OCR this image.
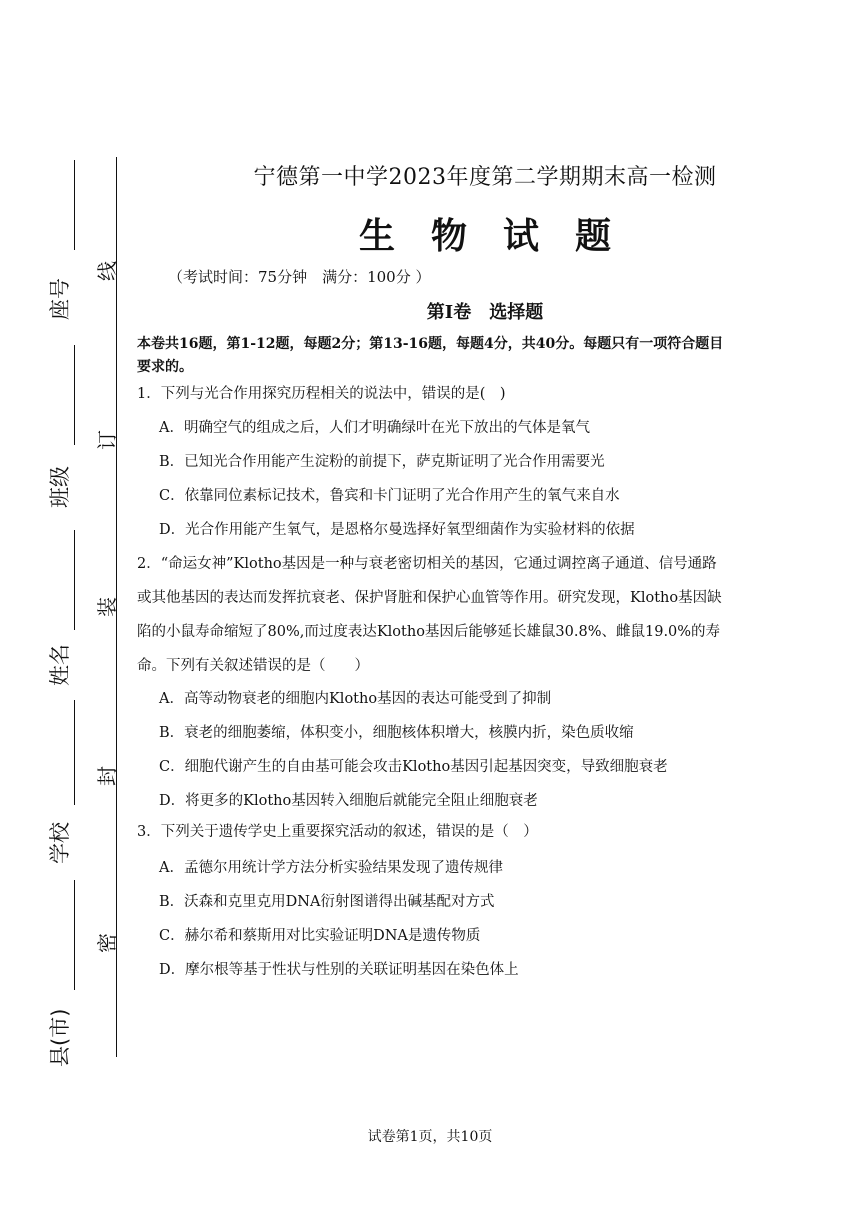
座号
班级
姓名
学校
县(市)
线
订
装
封
密
宁德第一中学2023年度第二学期期末高一检测
生物试题
（考试时间：75分钟　满分：100分 ）
第Ⅰ卷　选择题
本卷共16题，第1-12题，每题2分；第13-16题，每题4分，共40分。每题只有一项符合题目要求的。
1．下列与光合作用探究历程相关的说法中，错误的是(　)
A．明确空气的组成之后，人们才明确绿叶在光下放出的气体是氧气
B．已知光合作用能产生淀粉的前提下，萨克斯证明了光合作用需要光
C．依靠同位素标记技术，鲁宾和卡门证明了光合作用产生的氧气来自水
D．光合作用能产生氧气，是恩格尔曼选择好氧型细菌作为实验材料的依据
2．“命运女神”Klotho基因是一种与衰老密切相关的基因，它通过调控离子通道、信号通路或其他基因的表达而发挥抗衰老、保护肾脏和保护心血管等作用。研究发现，Klotho基因缺陷的小鼠寿命缩短了80%,而过度表达Klotho基因后能够延长雄鼠30.8%、雌鼠19.0%的寿命。下列有关叙述错误的是（　　）
A．高等动物衰老的细胞内Klotho基因的表达可能受到了抑制
B．衰老的细胞萎缩，体积变小，细胞核体积增大，核膜内折，染色质收缩
C．细胞代谢产生的自由基可能会攻击Klotho基因引起基因突变，导致细胞衰老
D．将更多的Klotho基因转入细胞后就能完全阻止细胞衰老
3．下列关于遗传学史上重要探究活动的叙述，错误的是（　）
A．孟德尔用统计学方法分析实验结果发现了遗传规律
B．沃森和克里克用DNA衍射图谱得出碱基配对方式
C．赫尔希和蔡斯用对比实验证明DNA是遗传物质
D．摩尔根等基于性状与性别的关联证明基因在染色体上
试卷第1页，共10页
